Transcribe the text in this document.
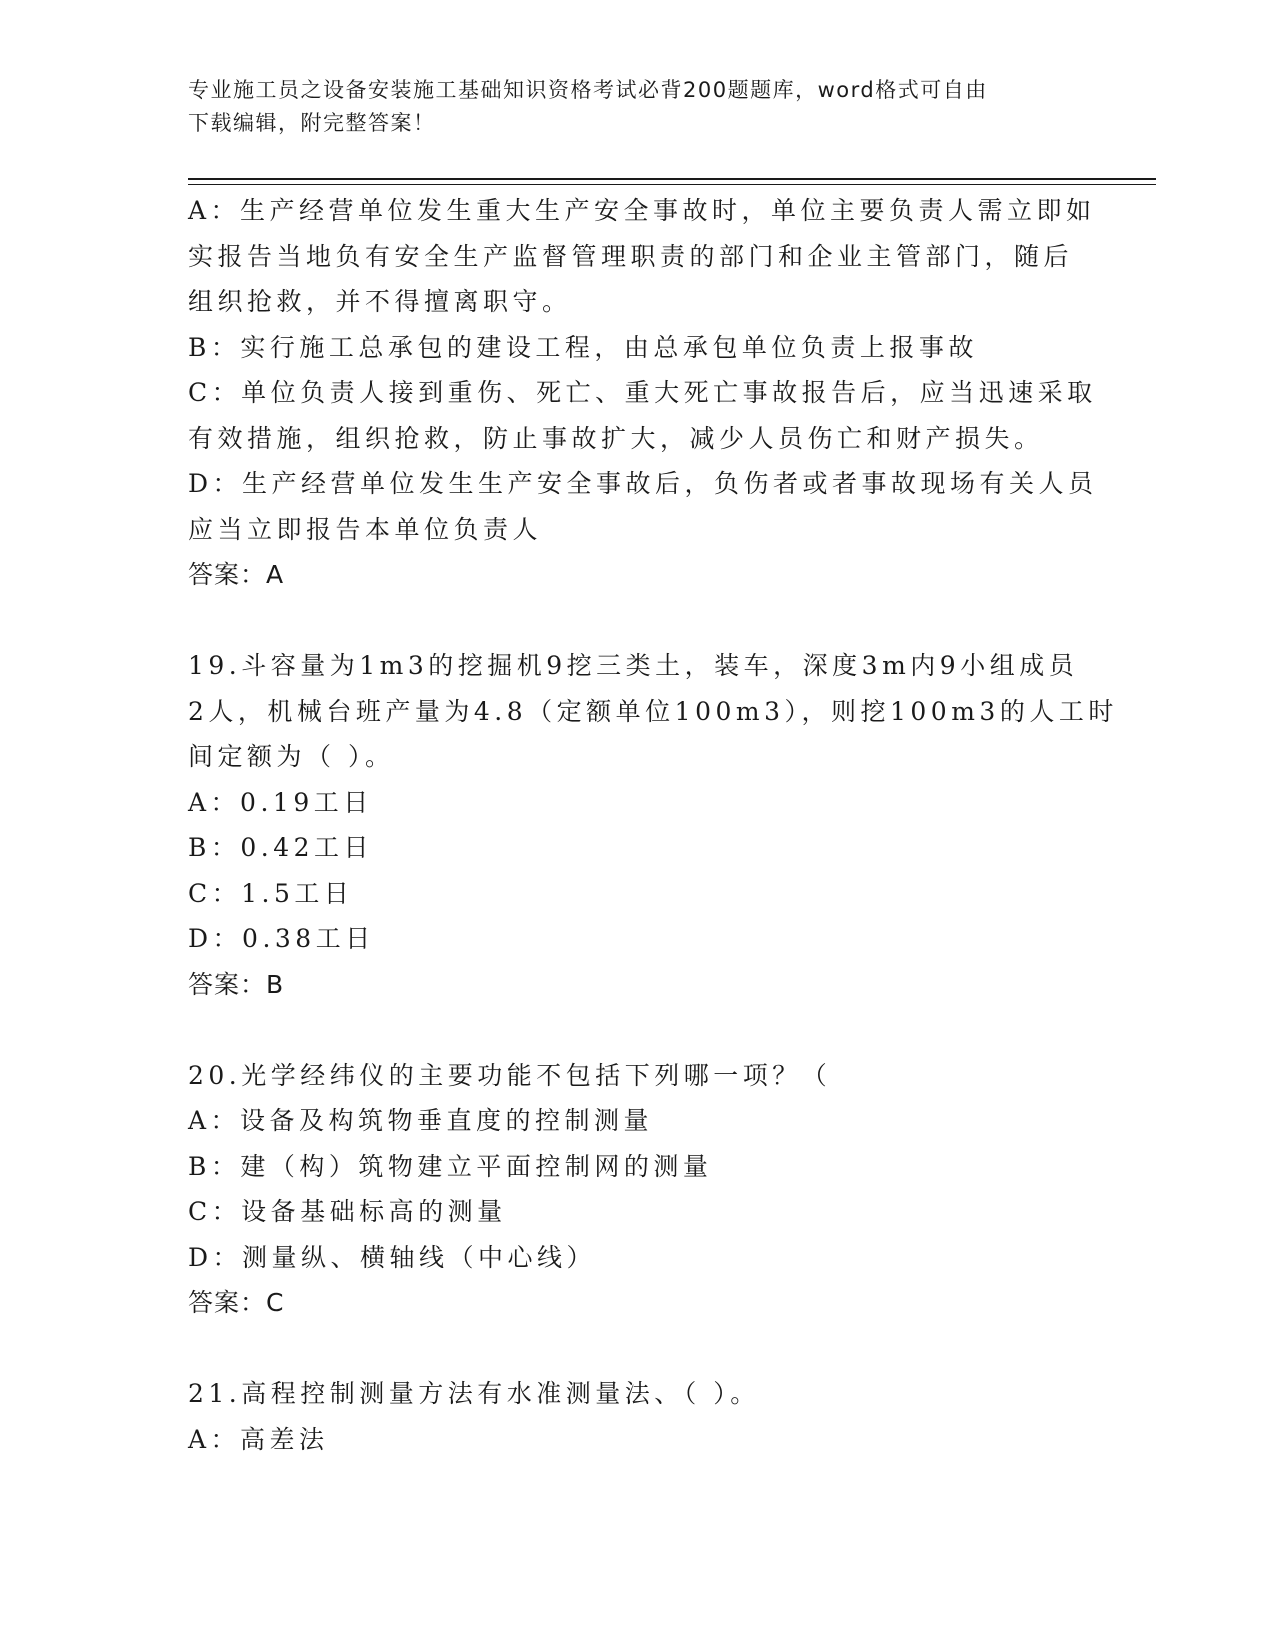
专业施工员之设备安装施工基础知识资格考试必背200题题库，word格式可自由
下载编辑，附完整答案！
A：生产经营单位发生重大生产安全事故时，单位主要负责人需立即如
实报告当地负有安全生产监督管理职责的部门和企业主管部门，随后
组织抢救，并不得擅离职守。
B：实行施工总承包的建设工程，由总承包单位负责上报事故
C：单位负责人接到重伤、死亡、重大死亡事故报告后，应当迅速采取
有效措施，组织抢救，防止事故扩大，减少人员伤亡和财产损失。
D：生产经营单位发生生产安全事故后，负伤者或者事故现场有关人员
应当立即报告本单位负责人
答案：A
19.斗容量为1m3的挖掘机9挖三类土，装车，深度3m内9小组成员
2人，机械台班产量为4.8（定额单位100m3），则挖100m3的人工时
间定额为（ ）。
A：0.19工日
B：0.42工日
C：1.5工日
D：0.38工日
答案：B
20.光学经纬仪的主要功能不包括下列哪一项？（
A：设备及构筑物垂直度的控制测量
B：建（构）筑物建立平面控制网的测量
C：设备基础标高的测量
D：测量纵、横轴线（中心线）
答案：C
21.高程控制测量方法有水准测量法、（ ）。
A：高差法
